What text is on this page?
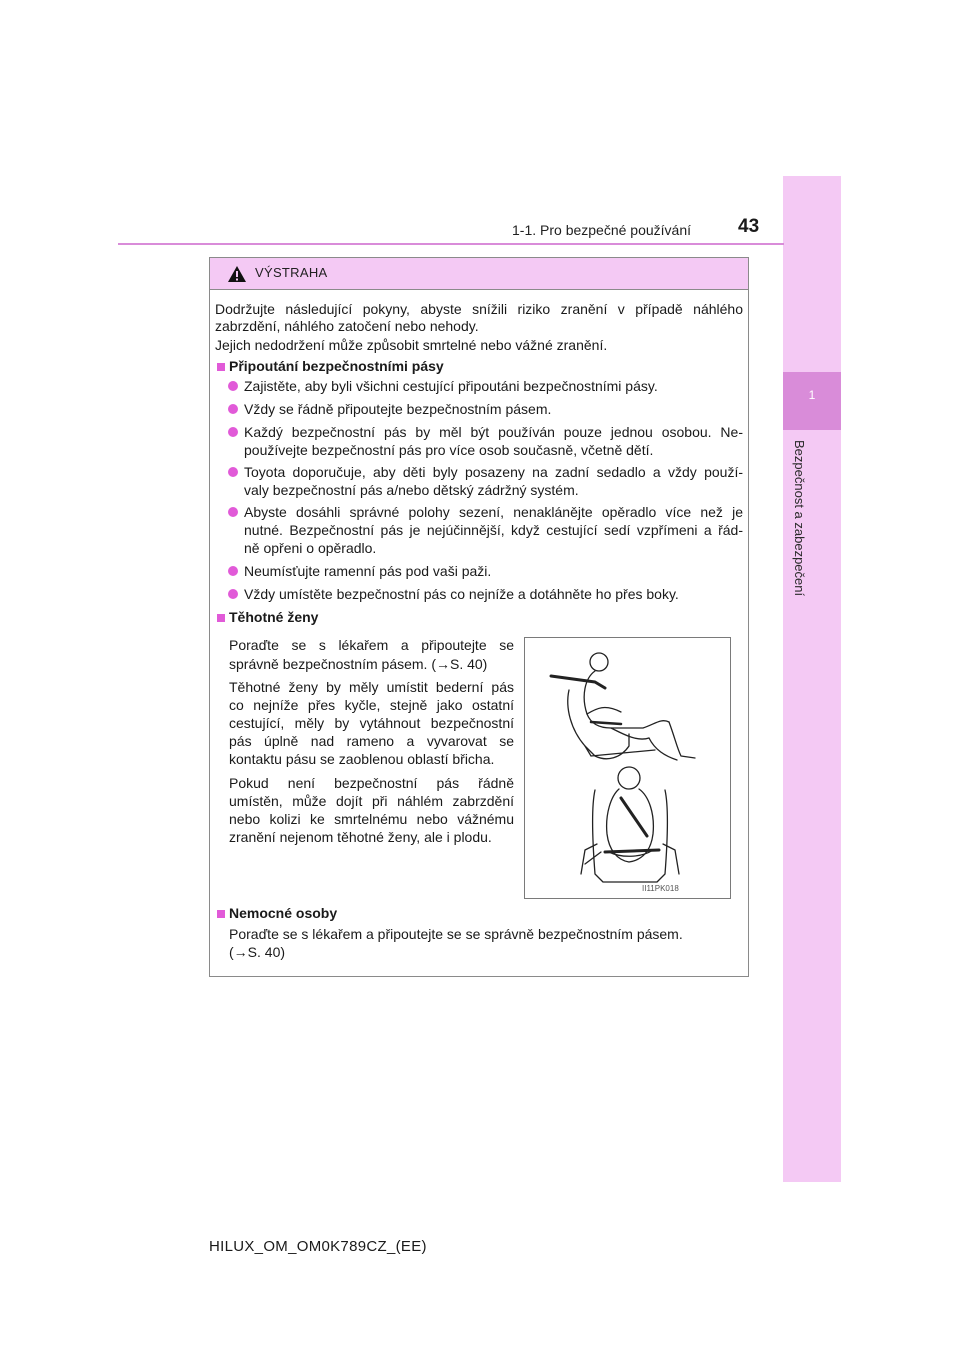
1
Bezpečnost a zabezpečení
1-1. Pro bezpečné používání 43
VÝSTRAHA
Dodržujte následující pokyny, abyste snížili riziko zranění v případě náhlého
zabrzdění, náhlého zatočení nebo nehody.
Jejich nedodržení může způsobit smrtelné nebo vážné zranění.
Připoutání bezpečnostními pásy
Zajistěte, aby byli všichni cestující připoutáni bezpečnostními pásy.
Vždy se řádně připoutejte bezpečnostním pásem.
Každý bezpečnostní pás by měl být používán pouze jednou osobou. Ne-
používejte bezpečnostní pás pro více osob současně, včetně dětí.
Toyota doporučuje, aby děti byly posazeny na zadní sedadlo a vždy použí-
valy bezpečnostní pás a/nebo dětský zádržný systém.
Abyste dosáhli správné polohy sezení, nenaklánějte opěradlo více než je
nutné. Bezpečnostní pás je nejúčinnější, když cestující sedí vzpřímeni a řád-
ně opřeni o opěradlo.
Neumísťujte ramenní pás pod vaši paži.
Vždy umístěte bezpečnostní pás co nejníže a dotáhněte ho přes boky.
Těhotné ženy
Poraďte se s lékařem a připoutejte se
správně bezpečnostním pásem. (→S. 40)
Těhotné ženy by měly umístit bederní pás
co nejníže přes kyčle, stejně jako ostatní
cestující, měly by vytáhnout bezpečnostní
pás úplně nad rameno a vyvarovat se
kontaktu pásu se zaoblenou oblastí břicha.
Pokud není bezpečnostní pás řádně
umístěn, může dojít při náhlém zabrzdění
nebo kolizi ke smrtelnému nebo vážnému
zranění nejenom těhotné ženy, ale i plodu.
II11PK018
Nemocné osoby
Poraďte se s lékařem a připoutejte se se správně bezpečnostním pásem.
(→S. 40)
HILUX_OM_OM0K789CZ_(EE)
